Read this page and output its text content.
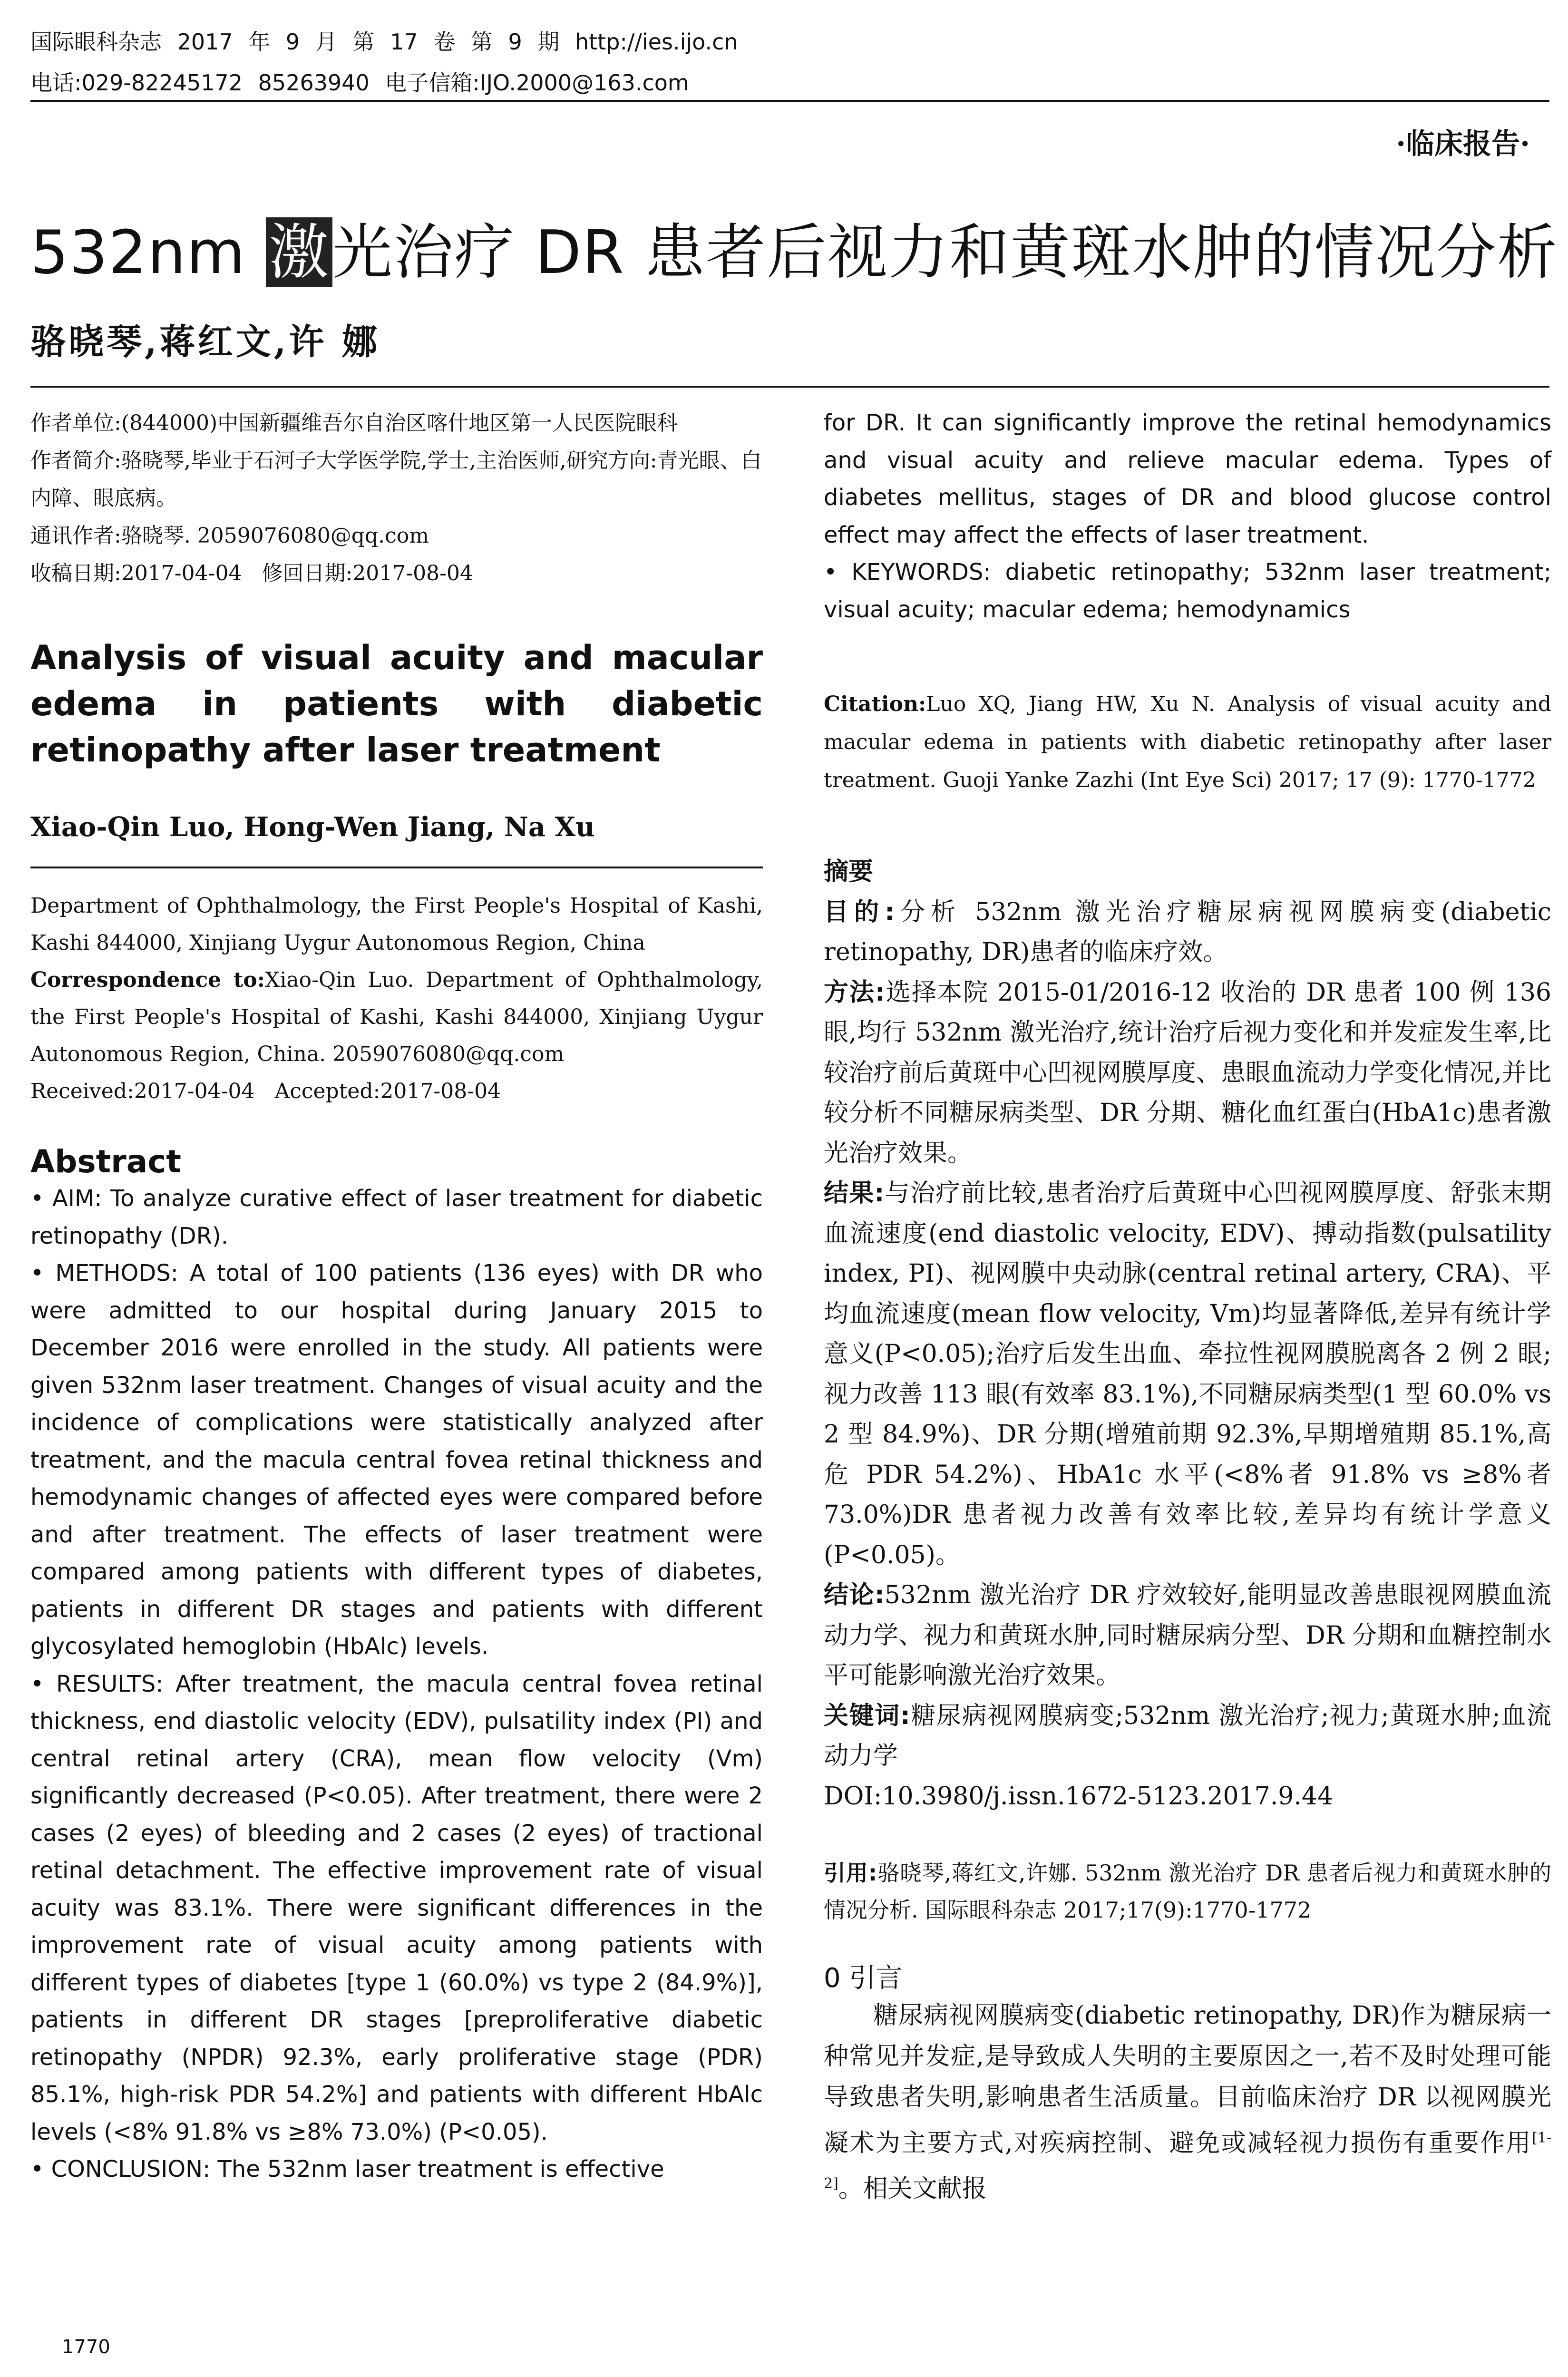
国际眼科杂志 2017 年 9 月 第 17 卷 第 9 期 http://ies.ijo.cn
电话:029-82245172 85263940 电子信箱:IJO.2000@163.com
·临床报告·
532nm 激光治疗 DR 患者后视力和黄斑水肿的情况分析
骆晓琴,蒋红文,许 娜

作者单位:(844000)中国新疆维吾尔自治区喀什地区第一人民医院眼科

作者简介:骆晓琴,毕业于石河子大学医学院,学士,主治医师,研究方向:青光眼、白内障、眼底病。

通讯作者:骆晓琴. 2059076080@qq.com

收稿日期:2017-04-04   修回日期:2017-08-04

Analysis of visual acuity and macular

edema in patients with diabetic

retinopathy after laser treatment

Xiao-Qin Luo, Hong-Wen Jiang, Na Xu

Department of Ophthalmology, the First People's Hospital of Kashi, Kashi 844000, Xinjiang Uygur Autonomous Region, China

Correspondence to:Xiao-Qin Luo. Department of Ophthalmology, the First People's Hospital of Kashi, Kashi 844000, Xinjiang Uygur Autonomous Region, China. 2059076080@qq.com

Received:2017-04-04   Accepted:2017-08-04

Abstract

• AIM: To analyze curative effect of laser treatment for diabetic retinopathy (DR).

• METHODS: A total of 100 patients (136 eyes) with DR who were admitted to our hospital during January 2015 to December 2016 were enrolled in the study. All patients were given 532nm laser treatment. Changes of visual acuity and the incidence of complications were statistically analyzed after treatment, and the macula central fovea retinal thickness and hemodynamic changes of affected eyes were compared before and after treatment. The effects of laser treatment were compared among patients with different types of diabetes, patients in different DR stages and patients with different glycosylated hemoglobin (HbAlc) levels.

• RESULTS: After treatment, the macula central fovea retinal thickness, end diastolic velocity (EDV), pulsatility index (PI) and central retinal artery (CRA), mean flow velocity (Vm) significantly decreased (P<0.05). After treatment, there were 2 cases (2 eyes) of bleeding and 2 cases (2 eyes) of tractional retinal detachment. The effective improvement rate of visual acuity was 83.1%. There were significant differences in the improvement rate of visual acuity among patients with different types of diabetes [type 1 (60.0%) vs type 2 (84.9%)], patients in different DR stages [preproliferative diabetic retinopathy (NPDR) 92.3%, early proliferative stage (PDR) 85.1%, high-risk PDR 54.2%] and patients with different HbAlc levels (<8% 91.8% vs ≥8% 73.0%) (P<0.05).

• CONCLUSION: The 532nm laser treatment is effective

for DR. It can significantly improve the retinal hemodynamics and visual acuity and relieve macular edema. Types of diabetes mellitus, stages of DR and blood glucose control effect may affect the effects of laser treatment.

• KEYWORDS: diabetic retinopathy; 532nm laser treatment; visual acuity; macular edema; hemodynamics

Citation:Luo XQ, Jiang HW, Xu N. Analysis of visual acuity and macular edema in patients with diabetic retinopathy after laser treatment. Guoji Yanke Zazhi (Int Eye Sci) 2017; 17 (9): 1770-1772

摘要

目的:分析 532nm 激光治疗糖尿病视网膜病变(diabetic retinopathy, DR)患者的临床疗效。

方法:选择本院 2015-01/2016-12 收治的 DR 患者 100 例 136 眼,均行 532nm 激光治疗,统计治疗后视力变化和并发症发生率,比较治疗前后黄斑中心凹视网膜厚度、患眼血流动力学变化情况,并比较分析不同糖尿病类型、DR 分期、糖化血红蛋白(HbA1c)患者激光治疗效果。

结果:与治疗前比较,患者治疗后黄斑中心凹视网膜厚度、舒张末期血流速度(end diastolic velocity, EDV)、搏动指数(pulsatility index, PI)、视网膜中央动脉(central retinal artery, CRA)、平均血流速度(mean flow velocity, Vm)均显著降低,差异有统计学意义(P<0.05);治疗后发生出血、牵拉性视网膜脱离各 2 例 2 眼;视力改善 113 眼(有效率 83.1%),不同糖尿病类型(1 型 60.0% vs 2 型 84.9%)、DR 分期(增殖前期 92.3%,早期增殖期 85.1%,高危 PDR 54.2%)、HbA1c 水平(<8%者 91.8% vs ≥8%者 73.0%)DR 患者视力改善有效率比较,差异均有统计学意义(P<0.05)。

结论:532nm 激光治疗 DR 疗效较好,能明显改善患眼视网膜血流动力学、视力和黄斑水肿,同时糖尿病分型、DR 分期和血糖控制水平可能影响激光治疗效果。

关键词:糖尿病视网膜病变;532nm 激光治疗;视力;黄斑水肿;血流动力学

DOI:10.3980/j.issn.1672-5123.2017.9.44

引用:骆晓琴,蒋红文,许娜. 532nm 激光治疗 DR 患者后视力和黄斑水肿的情况分析. 国际眼科杂志 2017;17(9):1770-1772

0 引言

糖尿病视网膜病变(diabetic retinopathy, DR)作为糖尿病一种常见并发症,是导致成人失明的主要原因之一,若不及时处理可能导致患者失明,影响患者生活质量。目前临床治疗 DR 以视网膜光凝术为主要方式,对疾病控制、避免或减轻视力损伤有重要作用[1-2]。相关文献报

1770
